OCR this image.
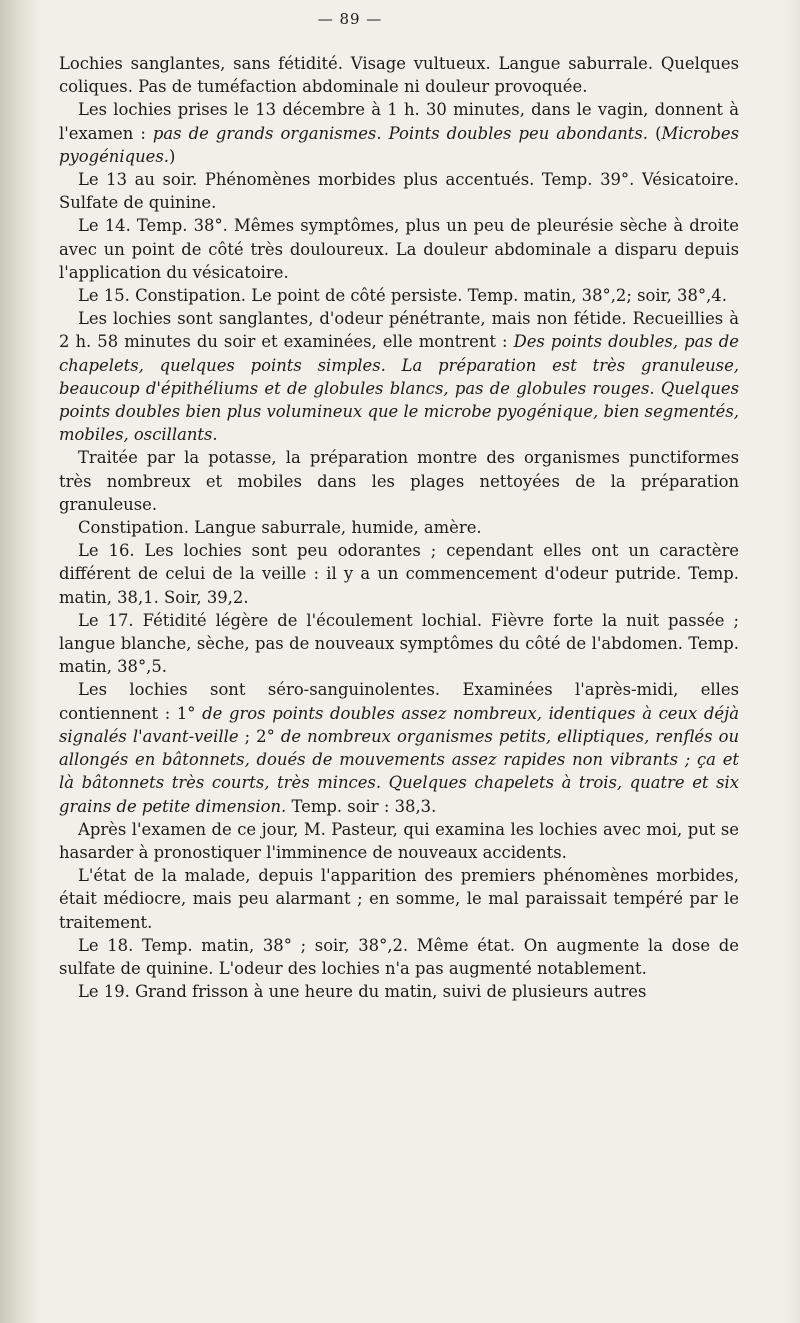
— 89 —

Lochies sanglantes, sans fétidité. Visage vultueux. Langue saburrale. Quelques coliques. Pas de tuméfaction abdominale ni douleur provoquée.

Les lochies prises le 13 décembre à 1 h. 30 minutes, dans le vagin, donnent à l'examen : pas de grands organismes. Points doubles peu abondants. (Microbes pyogéniques.)

Le 13 au soir. Phénomènes morbides plus accentués. Temp. 39°. Vésicatoire. Sulfate de quinine.

Le 14. Temp. 38°. Mêmes symptômes, plus un peu de pleurésie sèche à droite avec un point de côté très douloureux. La douleur abdominale a disparu depuis l'application du vésicatoire.

Le 15. Constipation. Le point de côté persiste. Temp. matin, 38°,2; soir, 38°,4.

Les lochies sont sanglantes, d'odeur pénétrante, mais non fétide. Recueillies à 2 h. 58 minutes du soir et examinées, elle montrent : Des points doubles, pas de chapelets, quelques points simples. La préparation est très granuleuse, beaucoup d'épithéliums et de globules blancs, pas de globules rouges. Quelques points doubles bien plus volumineux que le microbe pyogénique, bien segmentés, mobiles, oscillants.

Traitée par la potasse, la préparation montre des organismes punctiformes très nombreux et mobiles dans les plages nettoyées de la préparation granuleuse.

Constipation. Langue saburrale, humide, amère.

Le 16. Les lochies sont peu odorantes ; cependant elles ont un caractère différent de celui de la veille : il y a un commencement d'odeur putride. Temp. matin, 38,1. Soir, 39,2.

Le 17. Fétidité légère de l'écoulement lochial. Fièvre forte la nuit passée ; langue blanche, sèche, pas de nouveaux symptômes du côté de l'abdomen. Temp. matin, 38°,5.

Les lochies sont séro-sanguinolentes. Examinées l'après-midi, elles contiennent : 1° de gros points doubles assez nombreux, identiques à ceux déjà signalés l'avant-veille ; 2° de nombreux organismes petits, elliptiques, renflés ou allongés en bâtonnets, doués de mouvements assez rapides non vibrants ; ça et là bâtonnets très courts, très minces. Quelques chapelets à trois, quatre et six grains de petite dimension. Temp. soir : 38,3.

Après l'examen de ce jour, M. Pasteur, qui examina les lochies avec moi, put se hasarder à pronostiquer l'imminence de nouveaux accidents.

L'état de la malade, depuis l'apparition des premiers phénomènes morbides, était médiocre, mais peu alarmant ; en somme, le mal paraissait tempéré par le traitement.

Le 18. Temp. matin, 38° ; soir, 38°,2. Même état. On augmente la dose de sulfate de quinine. L'odeur des lochies n'a pas augmenté notablement.

Le 19. Grand frisson à une heure du matin, suivi de plusieurs autres
